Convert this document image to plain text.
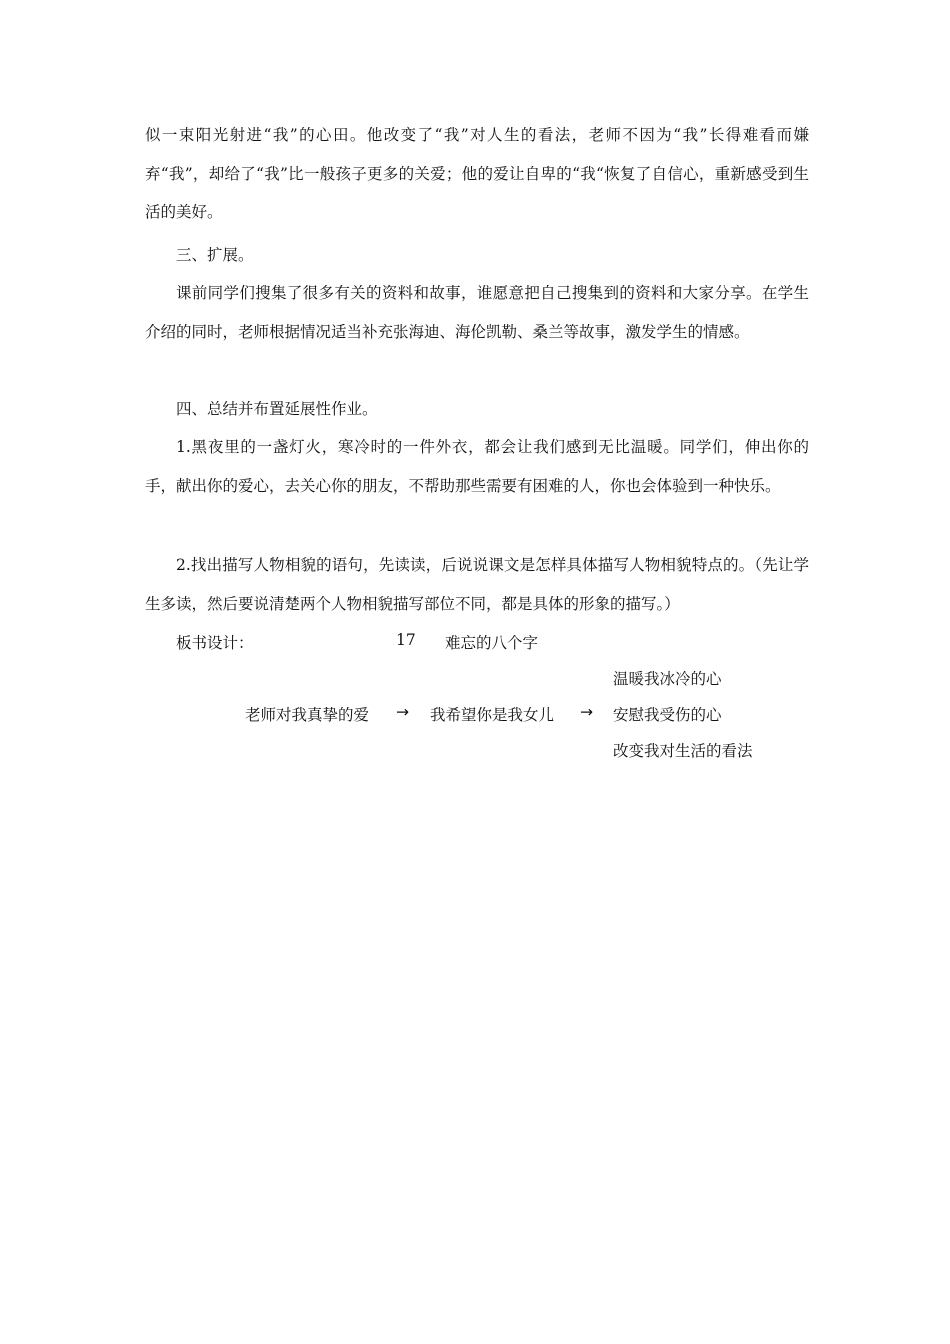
似一束阳光射进“我”的心田。他改变了“我”对人生的看法，老师不因为“我”长得难看而嫌弃“我”，却给了“我”比一般孩子更多的关爱；他的爱让自卑的“我“恢复了自信心，重新感受到生活的美好。

三、扩展。

课前同学们搜集了很多有关的资料和故事，谁愿意把自己搜集到的资料和大家分享。在学生介绍的同时，老师根据情况适当补充张海迪、海伦凯勒、桑兰等故事，激发学生的情感。

四、总结并布置延展性作业。

1.黑夜里的一盏灯火，寒冷时的一件外衣，都会让我们感到无比温暖。同学们，伸出你的手，献出你的爱心，去关心你的朋友，不帮助那些需要有困难的人，你也会体验到一种快乐。

2.找出描写人物相貌的语句，先读读，后说说课文是怎样具体描写人物相貌特点的。（先让学生多读，然后要说清楚两个人物相貌描写部位不同，都是具体的形象的描写。）

板书设计：	17 难忘的八个字
温暖我冰冷的心
老师对我真挚的爱 → 我希望你是我女儿 → 安慰我受伤的心
改变我对生活的看法
